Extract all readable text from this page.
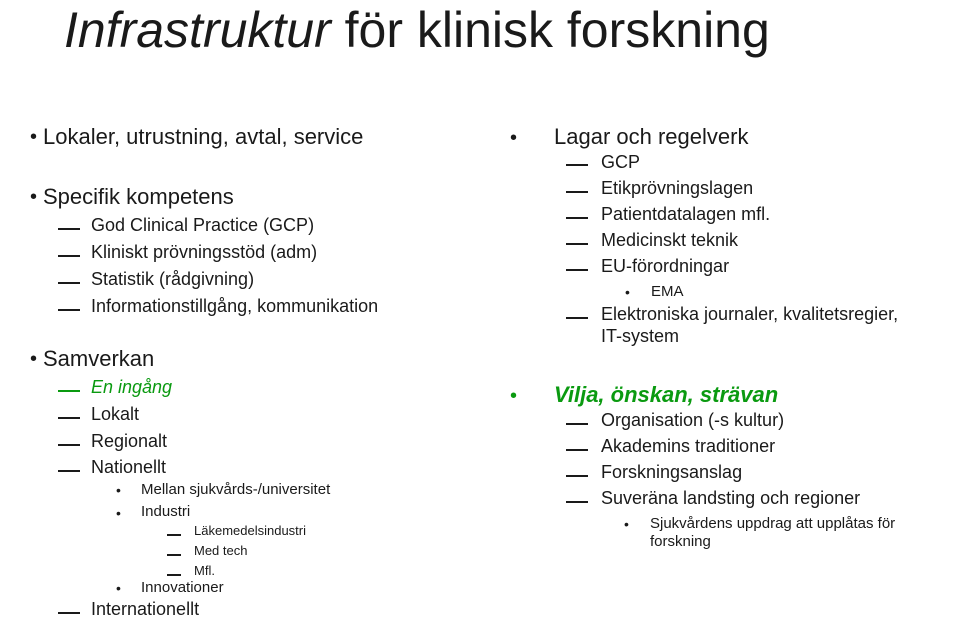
Infrastruktur för klinisk forskning
• Lokaler, utrustning, avtal, service
• Specifik kompetens
God Clinical Practice (GCP)
Kliniskt prövningsstöd (adm)
Statistik (rådgivning)
Informationstillgång, kommunikation
• Samverkan
En ingång
Lokalt
Regionalt
Nationellt
• Mellan sjukvårds-/universitet
• Industri
Läkemedelsindustri
Med tech
Mfl.
• Innovationer
Internationellt
• Lagar och regelverk
GCP
Etikprövningslagen
Patientdatalagen mfl.
Medicinskt teknik
EU-förordningar
• EMA
Elektroniska journaler, kvalitetsregier,
IT-system
• Vilja, önskan, strävan
Organisation (-s kultur)
Akademins traditioner
Forskningsanslag
Suveräna landsting och regioner
• Sjukvårdens uppdrag att upplåtas för
forskning
